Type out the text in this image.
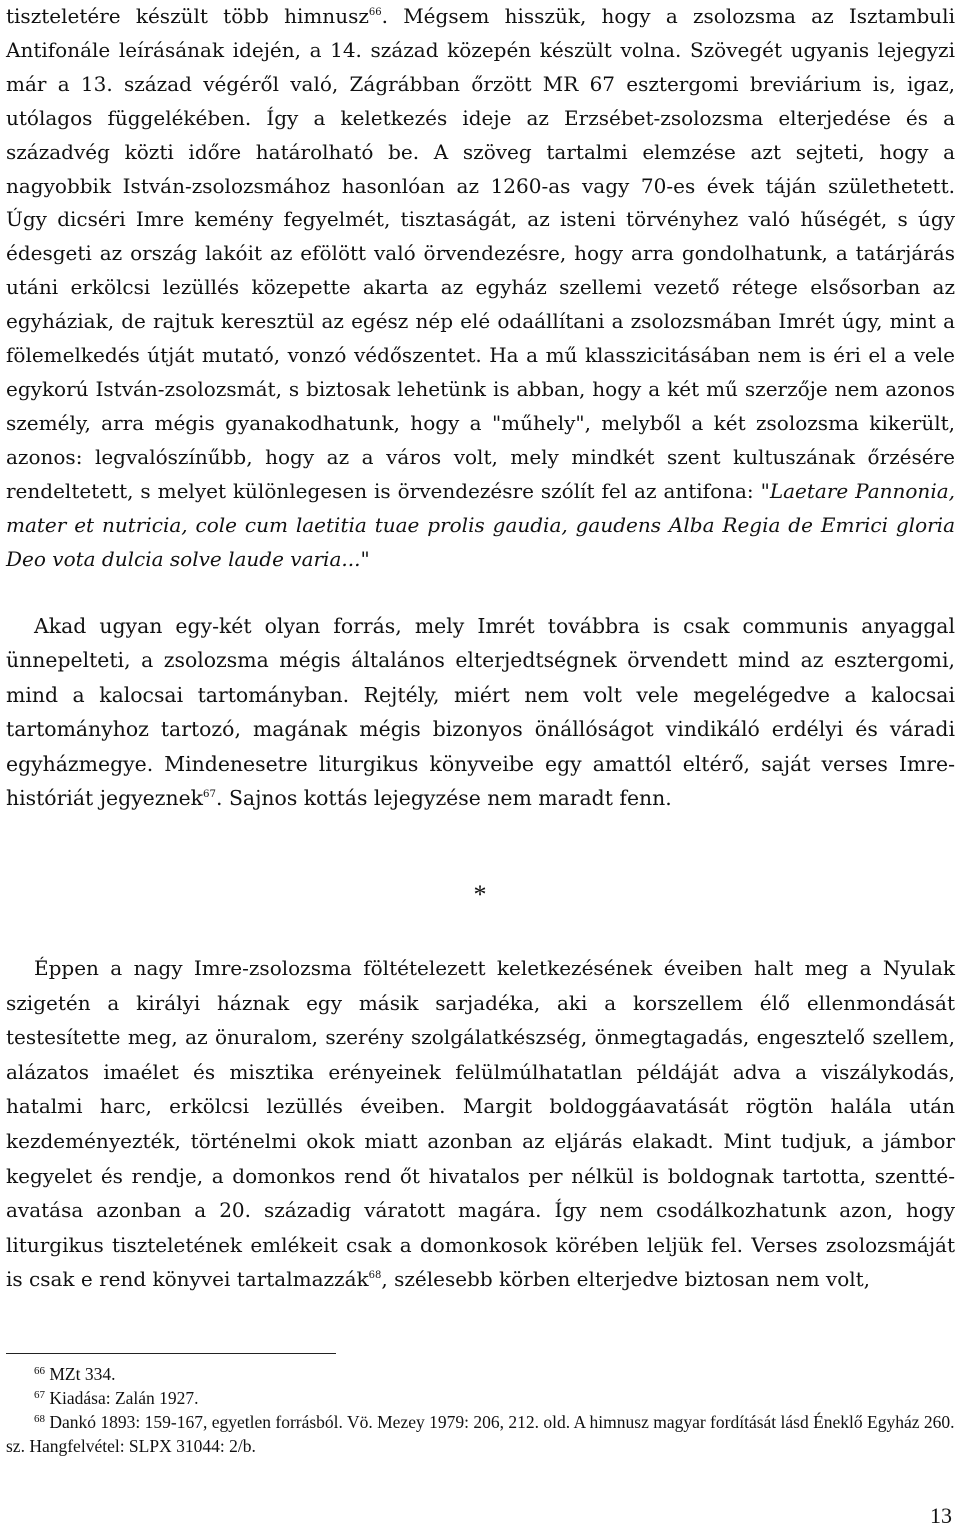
tiszteletére készült több himnusz$^{66}$. Mégsem hisszük, hogy a zsolozsma az Isztambuli Antifonále leírásának idején, a 14. század közepén készült volna. Szövegét ugyanis lejegyzi már a 13. század végéről való, Zágrábban őrzött MR 67 esztergomi breviárium is, igaz, utólagos függelékében. Így a keletkezés ideje az Erzsébet-zsolozsma elterjedése és a századvég közti időre határolható be. A szöveg tartalmi elemzése azt sejteti, hogy a nagyobbik István-zsolozsmához hasonlóan az 1260-as vagy 70-es évek táján születhetett. Úgy dicséri Imre kemény fegyelmét, tisztaságát, az isteni törvényhez való hűségét, s úgy édesgeti az ország lakóit az efölött való örvendezésre, hogy arra gondolhatunk, a tatárjárás utáni erkölcsi lezüllés közepette akarta az egyház szellemi vezető rétege elsősorban az egyháziak, de rajtuk keresztül az egész nép elé odaállítani a zsolozsmában Imrét úgy, mint a fölemelkedés útját mutató, vonzó védőszentet. Ha a mű klasszicitásában nem is éri el a vele egykorú István-zsolozsmát, s biztosak lehetünk is abban, hogy a két mű szerzője nem azonos személy, arra mégis gyanakodhatunk, hogy a "műhely", melyből a két zsolozsma kikerült, azonos: legvalószínűbb, hogy az a város volt, mely mindkét szent kultuszának őrzésére rendeltetett, s melyet különlegesen is örvendezésre szólít fel az antifona: "Laetare Pannonia, mater et nutricia, cole cum laetitia tuae prolis gaudia, gaudens Alba Regia de Emrici gloria Deo vota dulcia solve laude varia..."
Akad ugyan egy-két olyan forrás, mely Imrét továbbra is csak communis anyaggal ünnepelteti, a zsolozsma mégis általános elterjedtségnek örvendett mind az esztergomi, mind a kalocsai tartományban. Rejtély, miért nem volt vele megelégedve a kalocsai tartományhoz tartozó, magának mégis bizonyos önállóságot vindikáló erdélyi és váradi egyházmegye. Mindenesetre liturgikus könyveibe egy amattól eltérő, saját verses Imre-históriát jegyeznek$^{67}$. Sajnos kottás lejegyzése nem maradt fenn.
*
Éppen a nagy Imre-zsolozsma föltételezett keletkezésének éveiben halt meg a Nyulak szigetén a királyi háznak egy másik sarjadéka, aki a korszellem élő ellenmondását testesítette meg, az önuralom, szerény szolgálatkészség, önmegtagadás, engesztelő szellem, alázatos imaélet és misztika erényeinek felülmúlhatatlan példáját adva a viszálykodás, hatalmi harc, erkölcsi lezüllés éveiben. Margit boldoggáavatását rögtön halála után kezdeményezték, történelmi okok miatt azonban az eljárás elakadt. Mint tudjuk, a jámbor kegyelet és rendje, a domonkos rend őt hivatalos per nélkül is boldognak tartotta, szenttéavatása azonban a 20. századig váratott magára. Így nem csodálkozhatunk azon, hogy liturgikus tiszteletének emlékeit csak a domonkosok körében leljük fel. Verses zsolozsmáját is csak e rend könyvei tartalmazzák$^{68}$, szélesebb körben elterjedve biztosan nem volt,

$^{66}$ MZt 334.

$^{67}$ Kiadása: Zalán 1927.

$^{68}$ Dankó 1893: 159-167, egyetlen forrásból. Vö. Mezey 1979: 206, 212. old. A himnusz magyar fordítását lásd Éneklő Egyház 260. sz. Hangfelvétel: SLPX 31044: 2/b.

13
